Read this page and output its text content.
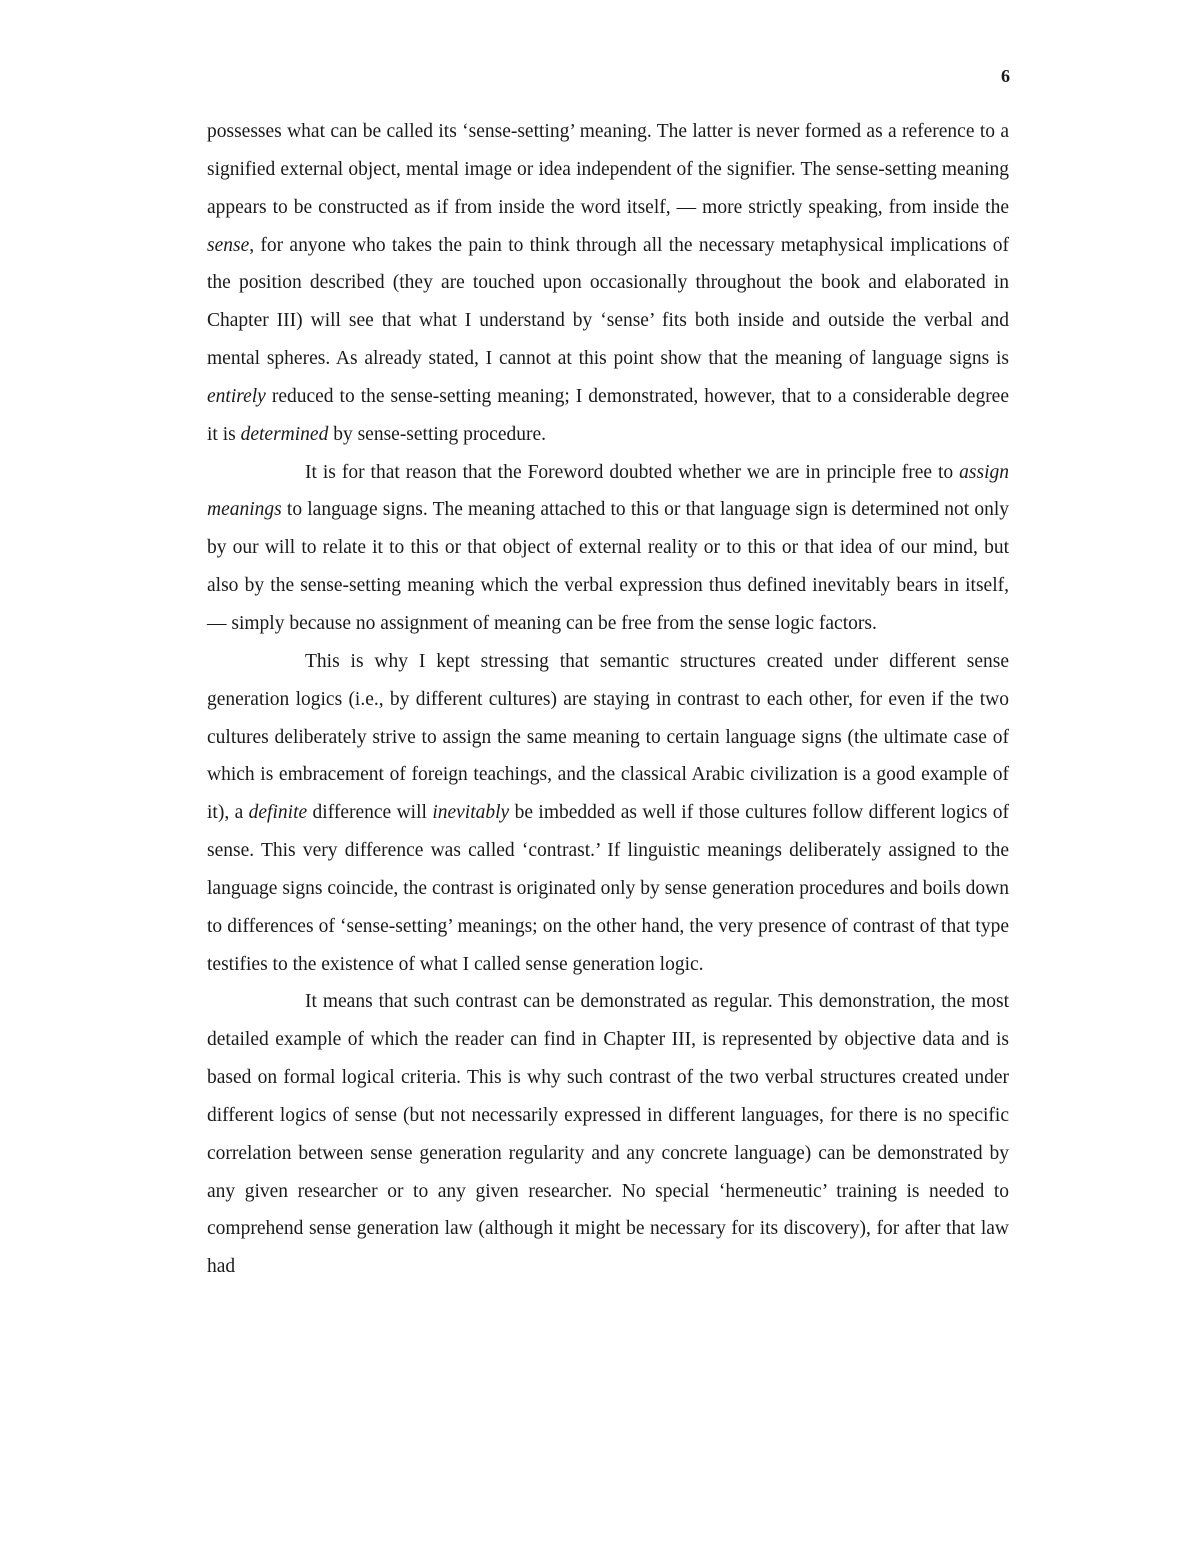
6

possesses what can be called its ‘sense-setting’ meaning. The latter is never formed as a reference to a signified external object, mental image or idea independent of the signifier. The sense-setting meaning appears to be constructed as if from inside the word itself, — more strictly speaking, from inside the sense, for anyone who takes the pain to think through all the necessary metaphysical implications of the position described (they are touched upon occasionally throughout the book and elaborated in Chapter III) will see that what I understand by ‘sense’ fits both inside and outside the verbal and mental spheres. As already stated, I cannot at this point show that the meaning of language signs is entirely reduced to the sense-setting meaning; I demonstrated, however, that to a considerable degree it is determined by sense-setting procedure.

It is for that reason that the Foreword doubted whether we are in principle free to assign meanings to language signs. The meaning attached to this or that language sign is determined not only by our will to relate it to this or that object of external reality or to this or that idea of our mind, but also by the sense-setting meaning which the verbal expression thus defined inevitably bears in itself, — simply because no assignment of meaning can be free from the sense logic factors.

This is why I kept stressing that semantic structures created under different sense generation logics (i.e., by different cultures) are staying in contrast to each other, for even if the two cultures deliberately strive to assign the same meaning to certain language signs (the ultimate case of which is embracement of foreign teachings, and the classical Arabic civilization is a good example of it), a definite difference will inevitably be imbedded as well if those cultures follow different logics of sense. This very difference was called ‘contrast.’ If linguistic meanings deliberately assigned to the language signs coincide, the contrast is originated only by sense generation procedures and boils down to differences of ‘sense-setting’ meanings; on the other hand, the very presence of contrast of that type testifies to the existence of what I called sense generation logic.

It means that such contrast can be demonstrated as regular. This demonstration, the most detailed example of which the reader can find in Chapter III, is represented by objective data and is based on formal logical criteria. This is why such contrast of the two verbal structures created under different logics of sense (but not necessarily expressed in different languages, for there is no specific correlation between sense generation regularity and any concrete language) can be demonstrated by any given researcher or to any given researcher. No special ‘hermeneutic’ training is needed to comprehend sense generation law (although it might be necessary for its discovery), for after that law had
